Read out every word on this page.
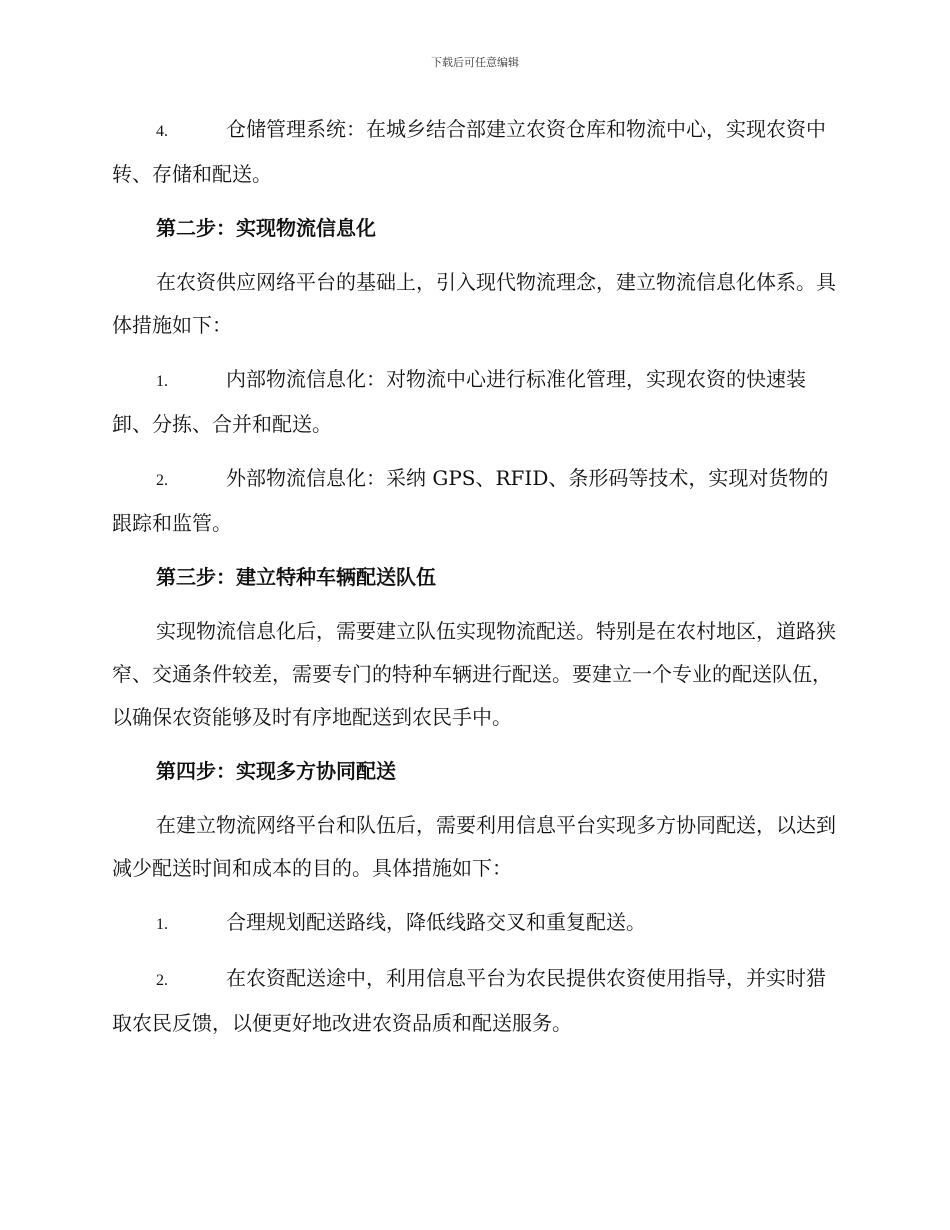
下载后可任意编辑

4.	仓储管理系统：在城乡结合部建立农资仓库和物流中心，实现农资中转、存储和配送。

第二步：实现物流信息化

在农资供应网络平台的基础上，引入现代物流理念，建立物流信息化体系。具体措施如下：

1.	内部物流信息化：对物流中心进行标准化管理，实现农资的快速装卸、分拣、合并和配送。

2.	外部物流信息化：采纳 GPS、RFID、条形码等技术，实现对货物的跟踪和监管。

第三步：建立特种车辆配送队伍

实现物流信息化后，需要建立队伍实现物流配送。特别是在农村地区，道路狭窄、交通条件较差，需要专门的特种车辆进行配送。要建立一个专业的配送队伍，以确保农资能够及时有序地配送到农民手中。

第四步：实现多方协同配送

在建立物流网络平台和队伍后，需要利用信息平台实现多方协同配送，以达到减少配送时间和成本的目的。具体措施如下：

1.	合理规划配送路线，降低线路交叉和重复配送。

2.	在农资配送途中，利用信息平台为农民提供农资使用指导，并实时猎取农民反馈，以便更好地改进农资品质和配送服务。
